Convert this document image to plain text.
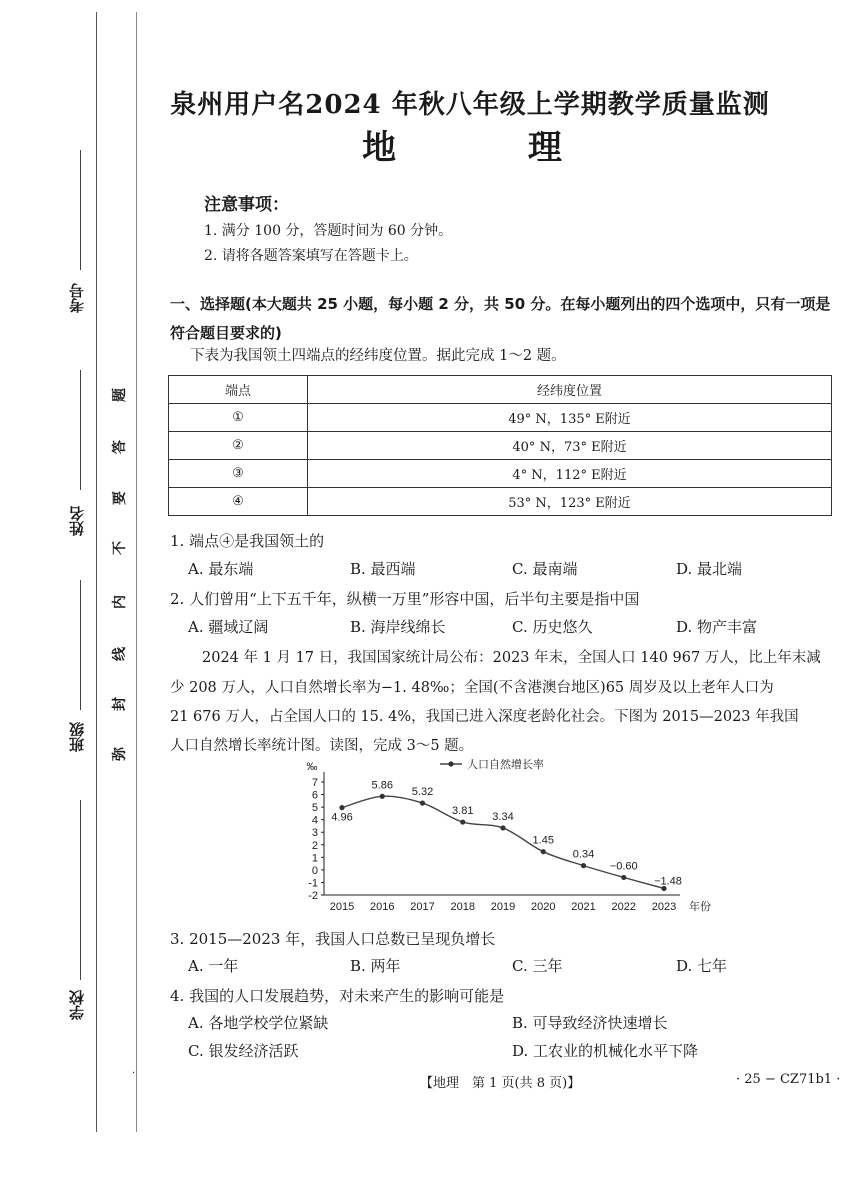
考号
姓名
班级
学校
题
答
要
不
内
线
封
弥
·
泉州用户名2024 年秋八年级上学期教学质量监测
地 理
注意事项：
1. 满分 100 分，答题时间为 60 分钟。
2. 请将各题答案填写在答题卡上。
一、选择题(本大题共 25 小题，每小题 2 分，共 50 分。在每小题列出的四个选项中，只有一项是符合题目要求的)
下表为我国领土四端点的经纬度位置。据此完成 1～2 题。
端点	经纬度位置
①	49° N，135° E附近
②	40° N，73° E附近
③	4° N，112° E附近
④	53° N，123° E附近
1. 端点④是我国领土的
A. 最东端	B. 最西端	C. 最南端	D. 最北端
2. 人们曾用“上下五千年，纵横一万里”形容中国，后半句主要是指中国
A. 疆域辽阔	B. 海岸线绵长	C. 历史悠久	D. 物产丰富
2024 年 1 月 17 日，我国国家统计局公布：2023 年末，全国人口 140 967 万人，比上年末减
少 208 万人，人口自然增长率为−1. 48‰；全国(不含港澳台地区)65 周岁及以上老年人口为
21 676 万人，占全国人口的 15. 4%，我国已进入深度老龄化社会。下图为 2015—2023 年我国
人口自然增长率统计图。读图，完成 3～5 题。
7
6
5
4
3
2
1
0
-1
-2
‰
2015 2016 2017 2018 2019 2020 2021 2022 2023 年份
4.96
5.86
5.32
3.81 3.34
1.45
0.34
−0.60
−1.48
人口自然增长率
3. 2015—2023 年，我国人口总数已呈现负增长
A. 一年	B. 两年	C. 三年	D. 七年
4. 我国的人口发展趋势，对未来产生的影响可能是
A. 各地学校学位紧缺	B. 可导致经济快速增长
C. 银发经济活跃	D. 工农业的机械化水平下降
【地理　第 1 页(共 8 页)】	· 25 − CZ71b1 ·
